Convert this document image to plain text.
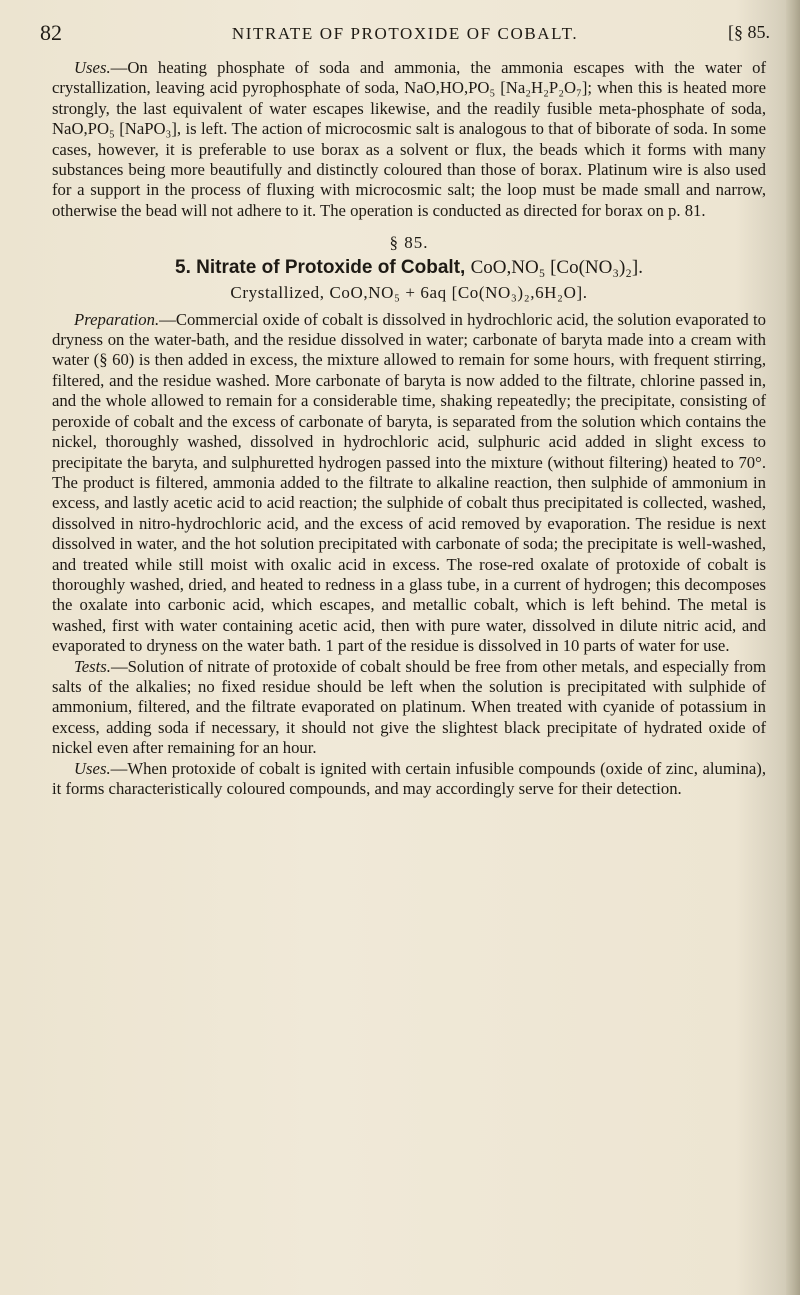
82	NITRATE OF PROTOXIDE OF COBALT.	[§ 85.

Uses.—On heating phosphate of soda and ammonia, the ammonia escapes with the water of crystallization, leaving acid pyrophosphate of soda, NaO,HO,PO₅ [Na₂H₂P₂O₇]; when this is heated more strongly, the last equivalent of water escapes likewise, and the readily fusible meta-phosphate of soda, NaO,PO₅ [NaPO₃], is left. The action of microcosmic salt is analogous to that of biborate of soda. In some cases, however, it is preferable to use borax as a solvent or flux, the beads which it forms with many substances being more beautifully and distinctly coloured than those of borax. Platinum wire is also used for a support in the process of fluxing with microcosmic salt; the loop must be made small and narrow, otherwise the bead will not adhere to it. The operation is conducted as directed for borax on p. 81.

§ 85.
5. Nitrate of Protoxide of Cobalt, CoO,NO₅ [Co(NO₃)₂].
Crystallized, CoO,NO₅ + 6aq [Co(NO₃)₂,6H₂O].

Preparation.—Commercial oxide of cobalt is dissolved in hydrochloric acid, the solution evaporated to dryness on the water-bath, and the residue dissolved in water; carbonate of baryta made into a cream with water (§ 60) is then added in excess, the mixture allowed to remain for some hours, with frequent stirring, filtered, and the residue washed. More carbonate of baryta is now added to the filtrate, chlorine passed in, and the whole allowed to remain for a considerable time, shaking repeatedly; the precipitate, consisting of peroxide of cobalt and the excess of carbonate of baryta, is separated from the solution which contains the nickel, thoroughly washed, dissolved in hydrochloric acid, sulphuric acid added in slight excess to precipitate the baryta, and sulphuretted hydrogen passed into the mixture (without filtering) heated to 70°. The product is filtered, ammonia added to the filtrate to alkaline reaction, then sulphide of ammonium in excess, and lastly acetic acid to acid reaction; the sulphide of cobalt thus precipitated is collected, washed, dissolved in nitro-hydrochloric acid, and the excess of acid removed by evaporation. The residue is next dissolved in water, and the hot solution precipitated with carbonate of soda; the precipitate is well-washed, and treated while still moist with oxalic acid in excess. The rose-red oxalate of protoxide of cobalt is thoroughly washed, dried, and heated to redness in a glass tube, in a current of hydrogen; this decomposes the oxalate into carbonic acid, which escapes, and metallic cobalt, which is left behind. The metal is washed, first with water containing acetic acid, then with pure water, dissolved in dilute nitric acid, and evaporated to dryness on the water bath. 1 part of the residue is dissolved in 10 parts of water for use.

Tests.—Solution of nitrate of protoxide of cobalt should be free from other metals, and especially from salts of the alkalies; no fixed residue should be left when the solution is precipitated with sulphide of ammonium, filtered, and the filtrate evaporated on platinum. When treated with cyanide of potassium in excess, adding soda if necessary, it should not give the slightest black precipitate of hydrated oxide of nickel even after remaining for an hour.

Uses.—When protoxide of cobalt is ignited with certain infusible compounds (oxide of zinc, alumina), it forms characteristically coloured compounds, and may accordingly serve for their detection.
